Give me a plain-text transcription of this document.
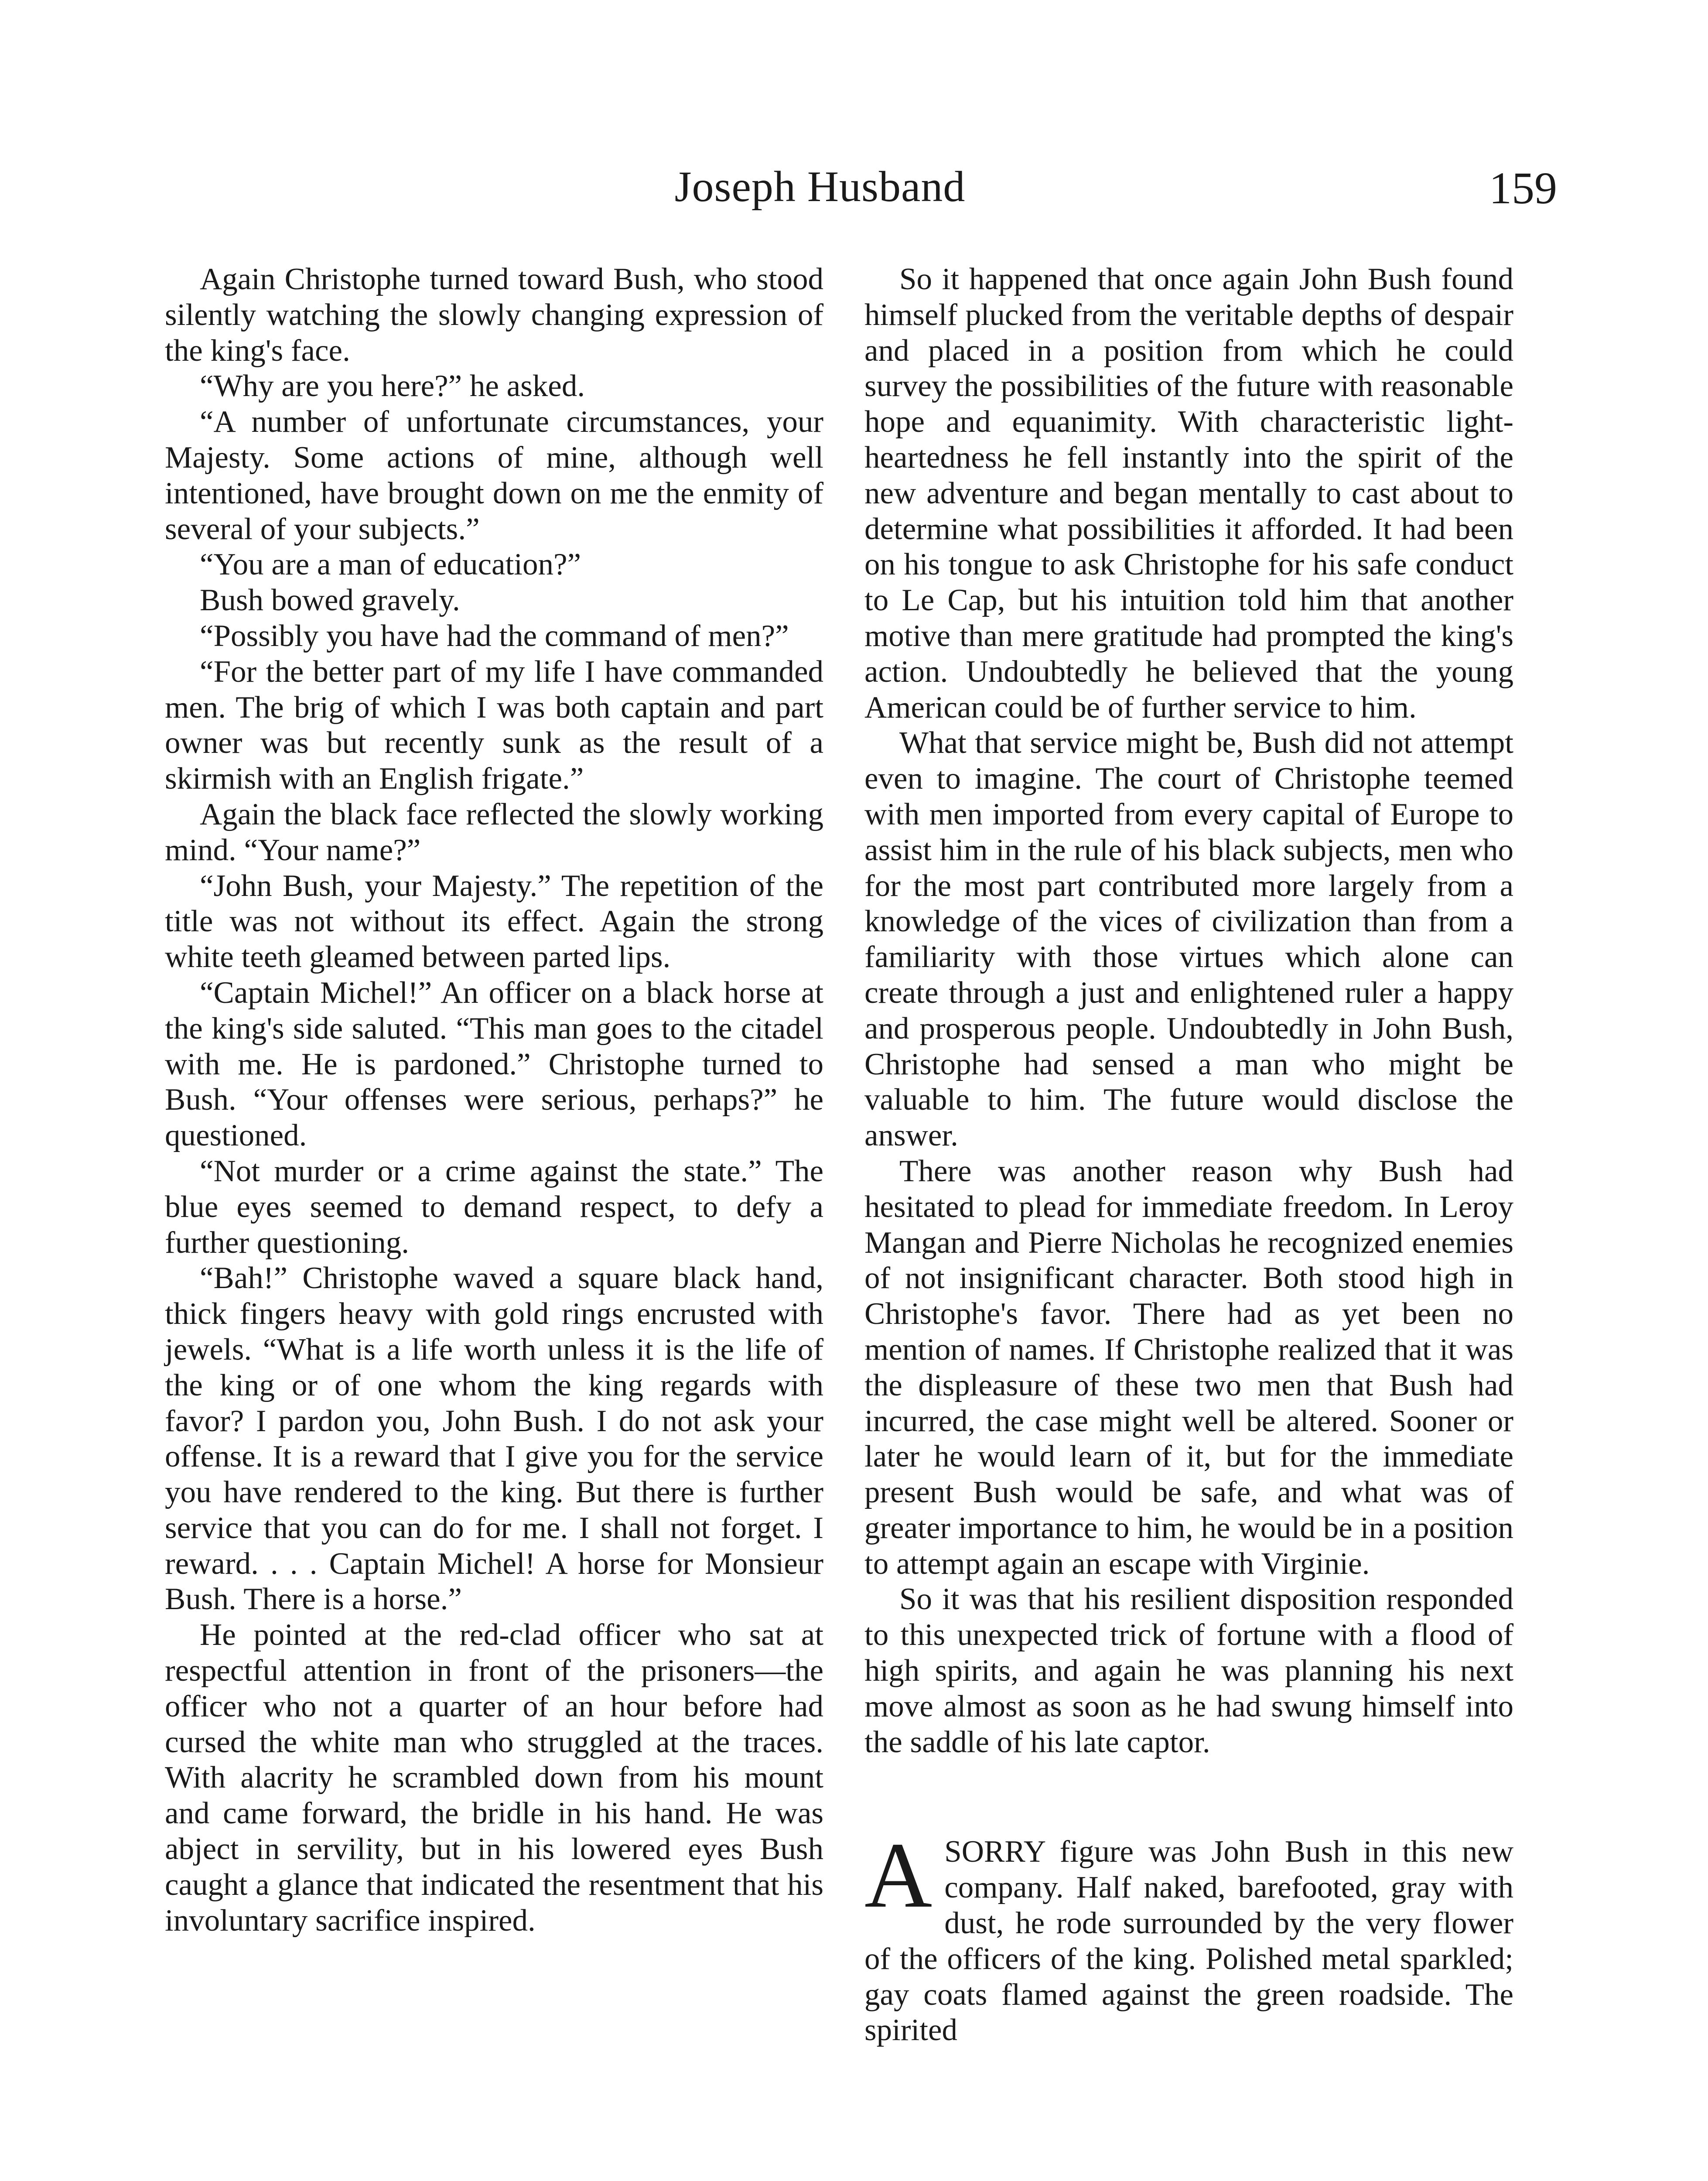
Joseph Husband	159

Again Christophe turned toward Bush, who stood silently watching the slowly changing expression of the king's face.

“Why are you here?” he asked.

“A number of unfortunate circumstances, your Majesty. Some actions of mine, although well intentioned, have brought down on me the enmity of several of your subjects.”

“You are a man of education?”

Bush bowed gravely.

“Possibly you have had the command of men?”

“For the better part of my life I have commanded men. The brig of which I was both captain and part owner was but recently sunk as the result of a skirmish with an English frigate.”

Again the black face reflected the slowly working mind. “Your name?”

“John Bush, your Majesty.” The repetition of the title was not without its effect. Again the strong white teeth gleamed between parted lips.

“Captain Michel!” An officer on a black horse at the king's side saluted. “This man goes to the citadel with me. He is pardoned.” Christophe turned to Bush. “Your offenses were serious, perhaps?” he questioned.

“Not murder or a crime against the state.” The blue eyes seemed to demand respect, to defy a further questioning.

“Bah!” Christophe waved a square black hand, thick fingers heavy with gold rings encrusted with jewels. “What is a life worth unless it is the life of the king or of one whom the king regards with favor? I pardon you, John Bush. I do not ask your offense. It is a reward that I give you for the service you have rendered to the king. But there is further service that you can do for me. I shall not forget. I reward. . . . Captain Michel! A horse for Monsieur Bush. There is a horse.”

He pointed at the red-clad officer who sat at respectful attention in front of the prisoners—the officer who not a quarter of an hour before had cursed the white man who struggled at the traces. With alacrity he scrambled down from his mount and came forward, the bridle in his hand. He was abject in servility, but in his lowered eyes Bush caught a glance that indicated the resentment that his involuntary sacrifice inspired.

So it happened that once again John Bush found himself plucked from the veritable depths of despair and placed in a position from which he could survey the possibilities of the future with reasonable hope and equanimity. With characteristic light-heartedness he fell instantly into the spirit of the new adventure and began mentally to cast about to determine what possibilities it afforded. It had been on his tongue to ask Christophe for his safe conduct to Le Cap, but his intuition told him that another motive than mere gratitude had prompted the king's action. Undoubtedly he believed that the young American could be of further service to him.

What that service might be, Bush did not attempt even to imagine. The court of Christophe teemed with men imported from every capital of Europe to assist him in the rule of his black subjects, men who for the most part contributed more largely from a knowledge of the vices of civilization than from a familiarity with those virtues which alone can create through a just and enlightened ruler a happy and prosperous people. Undoubtedly in John Bush, Christophe had sensed a man who might be valuable to him. The future would disclose the answer.

There was another reason why Bush had hesitated to plead for immediate freedom. In Leroy Mangan and Pierre Nicholas he recognized enemies of not insignificant character. Both stood high in Christophe's favor. There had as yet been no mention of names. If Christophe realized that it was the displeasure of these two men that Bush had incurred, the case might well be altered. Sooner or later he would learn of it, but for the immediate present Bush would be safe, and what was of greater importance to him, he would be in a position to attempt again an escape with Virginie.

So it was that his resilient disposition responded to this unexpected trick of fortune with a flood of high spirits, and again he was planning his next move almost as soon as he had swung himself into the saddle of his late captor.

ASORRY figure was John Bush in this new company. Half naked, barefooted, gray with dust, he rode surrounded by the very flower of the officers of the king. Polished metal sparkled; gay coats flamed against the green roadside. The spirited
